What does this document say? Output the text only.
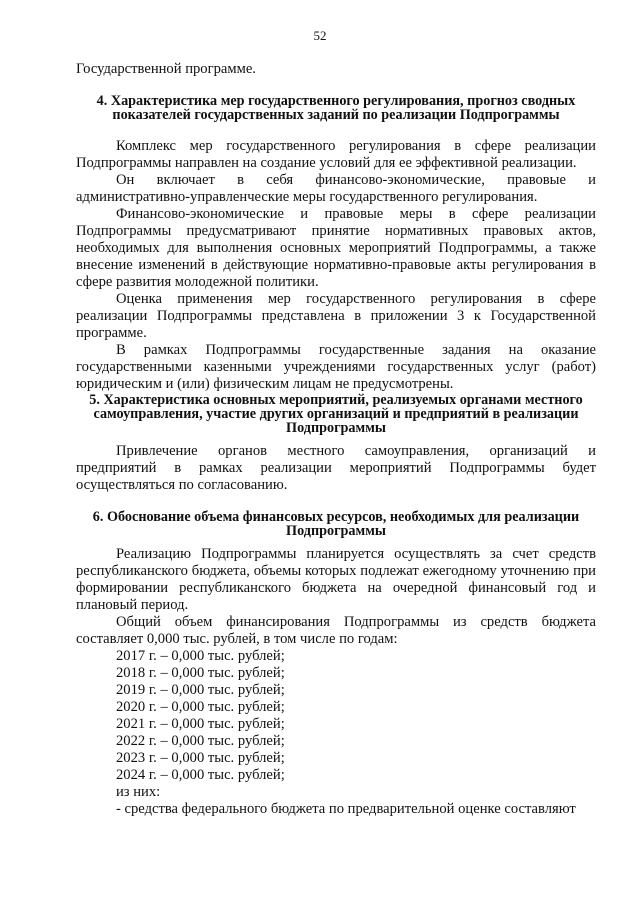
52

Государственной программе.

4. Характеристика мер государственного регулирования, прогноз сводных показателей государственных заданий по реализации Подпрограммы

Комплекс мер государственного регулирования в сфере реализации Подпрограммы направлен на создание условий для ее эффективной реализации.

Он включает в себя финансово-экономические, правовые и административно-управленческие меры государственного регулирования.

Финансово-экономические и правовые меры в сфере реализации Подпрограммы предусматривают принятие нормативных правовых актов, необходимых для выполнения основных мероприятий Подпрограммы, а также внесение изменений в действующие нормативно-правовые акты регулирования в сфере развития молодежной политики.

Оценка применения мер государственного регулирования в сфере реализации Подпрограммы представлена в приложении 3 к Государственной программе.

В рамках Подпрограммы государственные задания на оказание государственными казенными учреждениями государственных услуг (работ) юридическим и (или) физическим лицам не предусмотрены.

5. Характеристика основных мероприятий, реализуемых органами местного самоуправления, участие других организаций и предприятий в реализации Подпрограммы

Привлечение органов местного самоуправления, организаций и предприятий в рамках реализации мероприятий Подпрограммы будет осуществляться по согласованию.

6. Обоснование объема финансовых ресурсов, необходимых для реализации Подпрограммы

Реализацию Подпрограммы планируется осуществлять за счет средств республиканского бюджета, объемы которых подлежат ежегодному уточнению при формировании республиканского бюджета на очередной финансовый год и плановый период.

Общий объем финансирования Подпрограммы из средств бюджета составляет 0,000 тыс. рублей, в том числе по годам:

2017 г. – 0,000 тыс. рублей;

2018 г. – 0,000 тыс. рублей;

2019 г. – 0,000 тыс. рублей;

2020 г. – 0,000 тыс. рублей;

2021 г. – 0,000 тыс. рублей;

2022 г. – 0,000 тыс. рублей;

2023 г. – 0,000 тыс. рублей;

2024 г. – 0,000 тыс. рублей;

из них:

- средства федерального бюджета по предварительной оценке составляют
